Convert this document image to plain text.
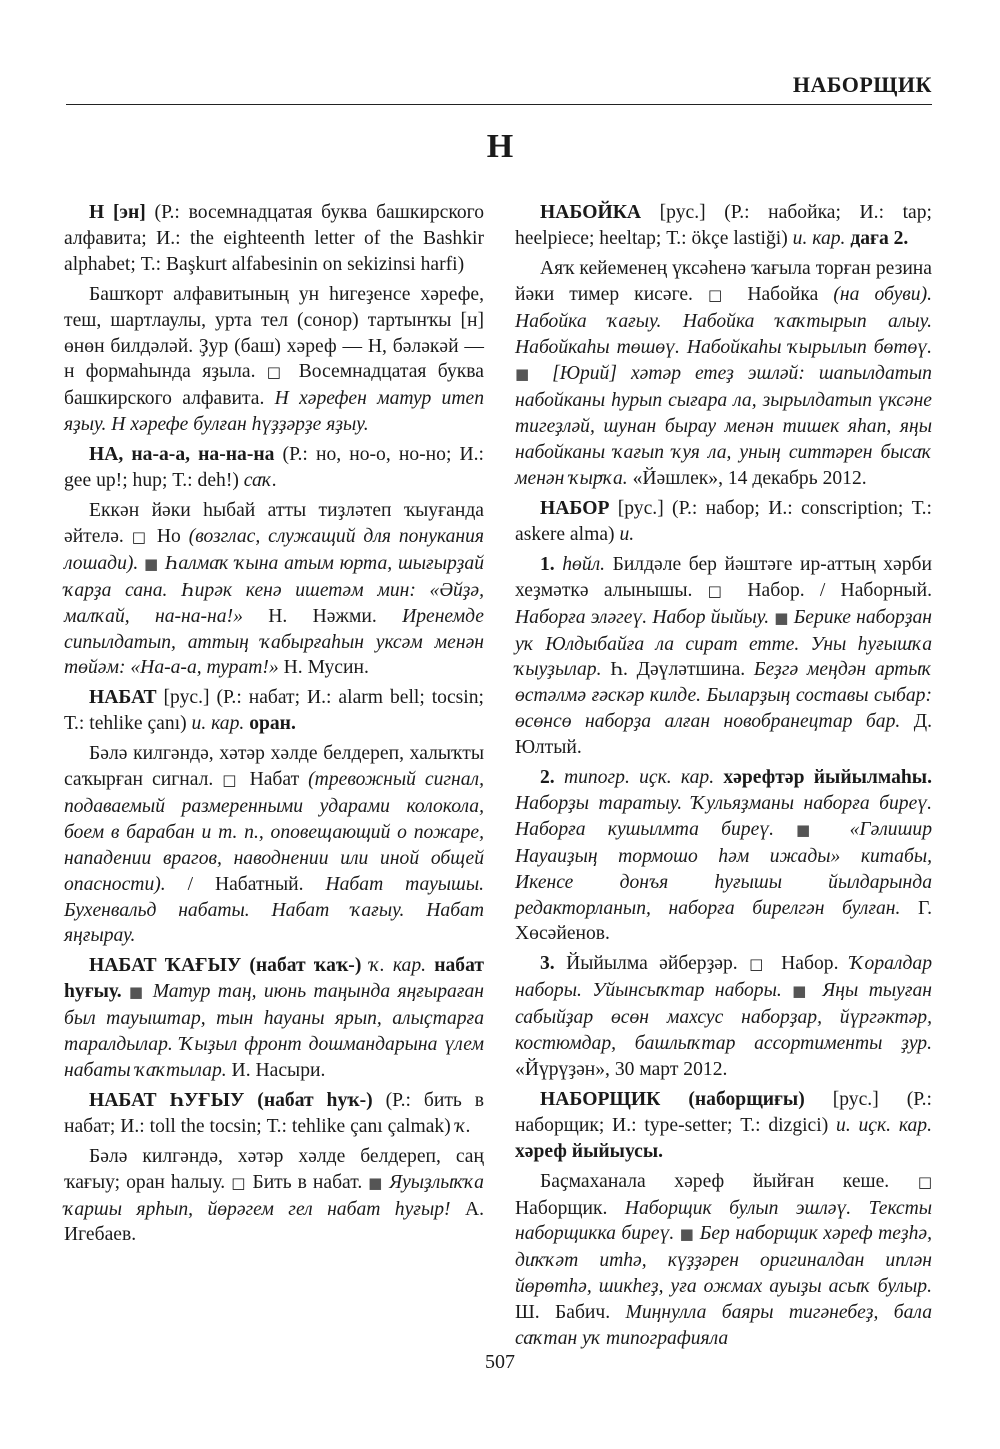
НАБОРЩИК
Н

Н [эн] (Р.: восемнадцатая буква башкирского алфавита; И.: the eighteenth letter of the Bashkir alphabet; Т.: Başkurt alfabesinin on sekizinsi harfi)

Башҡорт алфавитының ун һигеҙенсе хәрефе, теш, шартлаулы, урта тел (сонор) тартынҡы [н] өнөн билдәләй. Ҙур (баш) хәреф — Н, бәләкәй — н формаһында яҙыла. □ Восемнадцатая буква башкирского алфавита. Н хәрефен матур итеп яҙыу. Н хәрефе булған һүҙҙәрҙе яҙыу.

НА, на-а-а, на-на-на (Р.: но, но-о, но-но; И.: gee up!; hup; Т.: deh!) саҡ.

Еккән йәки һыбай атты тиҙләтеп ҡыуғанда әйтелә. □ Но (возглас, служащий для понукания лошади). ■ Һалмаҡ ҡына атым юрта, шығырҙай ҡарҙа сана. Һирәк кенә ишетәм мин: «Әйҙә, малҡай, на-на-на!» Н. Нәжми. Иренемде сипылдатып, аттың ҡабырғаһын уксәм менән төйәм: «На-а-а, турат!» Н. Мусин.

НАБАТ [рус.] (Р.: набат; И.: alarm bell; tocsin; Т.: tehlike çanı) и. кар. оран.

Бәлә килгәндә, хәтәр хәлде белдереп, халыҡты саҡырған сигнал. □ Набат (тревожный сигнал, подаваемый размеренными ударами колокола, боем в барабан и т. п., оповещающий о пожаре, нападении врагов, наводнении или иной общей опасности). / Набатный. Набат тауышы. Бухенвальд набаты. Набат ҡағыу. Набат яңғырау.

НАБАТ ҠАҒЫУ (набат ҡаҡ-) ҡ. кар. набат һуғыу. ■ Матур таң, июнь таңында яңғыраған был тауыштар, тын һауаны ярып, алыҫтарға таралдылар. Ҡыҙыл фронт дошмандарына үлем набаты ҡаҡтылар. И. Насыри.

НАБАТ ҺУҒЫУ (набат һуҡ-) (Р.: бить в набат; И.: toll the tocsin; Т.: tehlike çanı çalmak) ҡ.

Бәлә килгәндә, хәтәр хәлде белдереп, саң ҡағыу; оран һалыу. □ Бить в набат. ■ Яуыҙлыҡҡа ҡаршы ярһып, йөрәгем гел набат һуғыр! А. Игебаев.

НАБОЙКА [рус.] (Р.: набойка; И.: tap; heelpiece; heeltap; Т.: ökçe lastiği) и. кар. даға 2.

Аяҡ кейеменең үксәһенә ҡағыла торған резина йәки тимер кисәге. □ Набойка (на обуви). Набойка ҡағыу. Набойка ҡаҡтырып алыу. Набойкаһы төшөү. Набойкаһы ҡырылып бөтөү. ■ [Юрий] хәтәр етеҙ эшләй: шапылдатып набойканы һурып сығара ла, зырылдатып үксәне тигеҙләй, шунан бырау менән тишек яһап, яңы набойканы ҡағып ҡуя ла, уның ситтәрен бысаҡ менән ҡырҡа. «Йәшлек», 14 декабрь 2012.

НАБОР [рус.] (Р.: набор; И.: conscription; Т.: askere alma) и.

1. һөйл. Билдәле бер йәштәге ир-аттың хәрби хеҙмәткә алынышы. □ Набор. / Наборный. Наборға эләгеү. Набор йыйыу. ■ Берике наборҙан уҡ Юлдыбайға ла сират етте. Уны һуғышҡа ҡыуҙылар. Һ. Дәүләтшина. Беҙгә меңдән артыҡ өстәлмә ғәскәр килде. Быларҙың составы сыбар: өсөнсө наборҙа алған новобранецтар бар. Д. Юлтый.

2. типогр. иҫк. кар. хәрефтәр йыйылмаһы. Наборҙы таратыу. Ҡульяҙманы наборға биреү. Наборға кушылмта биреү. ■ «Гәлишир Науаиҙың тормошо һәм ижады» китабы, Икенсе донъя һуғышы йылдарында редакторланып, наборға бирелгән булған. Г. Хөсәйенов.

3. Йыйылма әйберҙәр. □ Набор. Ҡоралдар наборы. Уйынсыҡтар наборы. ■ Яңы тыуған сабыйҙар өсөн махсус наборҙар, йүргәктәр, костюмдар, башлыҡтар ассортименты ҙур. «Йүрүҙән», 30 март 2012.

НАБОРЩИК (наборщиғы) [рус.] (Р.: наборщик; И.: type-setter; Т.: dizgici) и. иҫк. кар. хәреф йыйыусы.

Баҫмаханала хәреф йыйған кеше. □ Наборщик. Наборщик булып эшләү. Тексты наборщикка биреү. ■ Бер наборщик хәреф теҙһә, диҡҡәт итһә, күҙҙәрен оригиналдан иплән йөрөтһә, шикһеҙ, уға ожмах ауыҙы асыҡ булыр. Ш. Бабич. Миңнулла баяры тигәнебеҙ, бала саҡтан уҡ типографияла

507
